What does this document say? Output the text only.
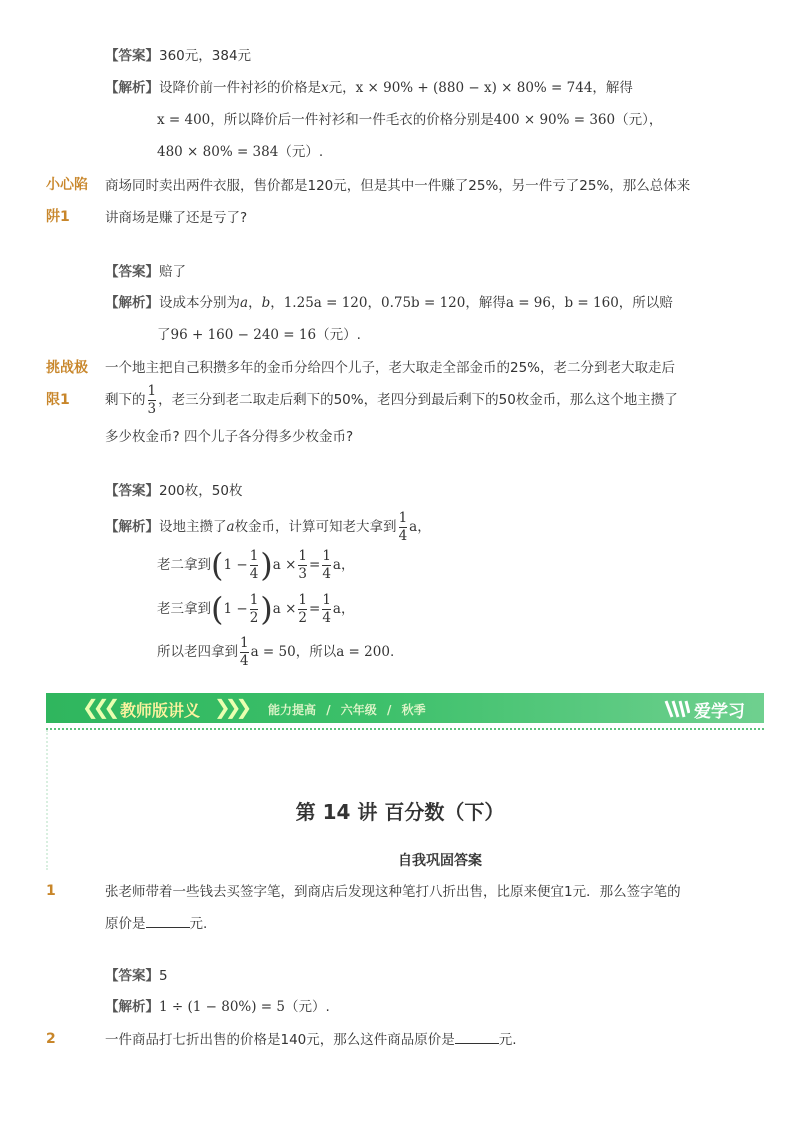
【答案】360元，384元
【解析】设降价前一件衬衫的价格是x元，x × 90% + (880 − x) × 80% = 744，解得
x = 400，所以降价后一件衬衫和一件毛衣的价格分别是400 × 90% = 360（元），
480 × 80% = 384（元）.
小心陷
阱1
商场同时卖出两件衣服，售价都是120元，但是其中一件赚了25%，另一件亏了25%，那么总体来
讲商场是赚了还是亏了?
【答案】赔了
【解析】设成本分别为a，b，1.25a = 120，0.75b = 120，解得a = 96，b = 160，所以赔
了96 + 160 − 240 = 16（元）.
挑战极
限1
一个地主把自己积攒多年的金币分给四个儿子，老大取走全部金币的25%，老二分到老大取走后
剩下的 $\frac{1}{3}$ ，老三分到老二取走后剩下的50%，老四分到最后剩下的50枚金币，那么这个地主攒了
多少枚金币? 四个儿子各分得多少枚金币?
【答案】200枚，50枚
【解析】设地主攒了a枚金币，计算可知老大拿到 $\frac{1}{4}$ a，
老二拿到$(1 - \frac{1}{4} )a \times \frac{1}{3} = \frac{1}{4}$ a，
老三拿到$(1 - \frac{1}{2} )a \times \frac{1}{2} = \frac{1}{4}$ a，
所以老四拿到 $\frac{1}{4}$ a = 50，所以a = 200.
❮❮❮ 教师版讲义 ❯❯❯ 能力提高 / 六年级 / 秋季	爱学习
第 14 讲 百分数（下）
自我巩固答案
1	张老师带着一些钱去买签字笔，到商店后发现这种笔打八折出售，比原来便宜1元．那么签字笔的
原价是	元.
【答案】5
【解析】1 ÷ (1 − 80%) = 5（元）.
2	一件商品打七折出售的价格是140元，那么这件商品原价是	元.
